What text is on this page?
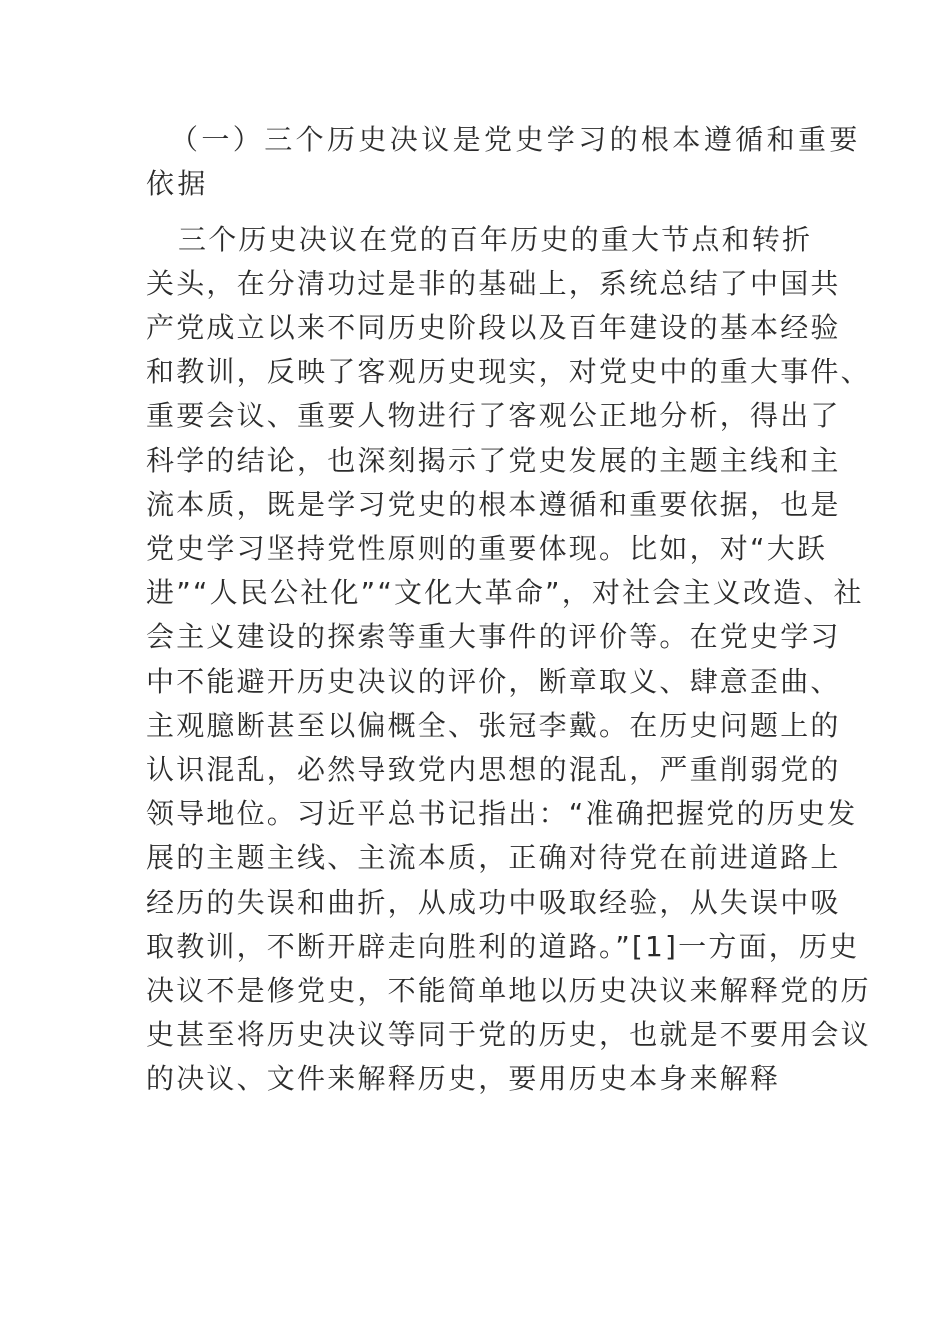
（一）三个历史决议是党史学习的根本遵循和重要
依据
三个历史决议在党的百年历史的重大节点和转折
关头，在分清功过是非的基础上，系统总结了中国共
产党成立以来不同历史阶段以及百年建设的基本经验
和教训，反映了客观历史现实，对党史中的重大事件、
重要会议、重要人物进行了客观公正地分析，得出了
科学的结论，也深刻揭示了党史发展的主题主线和主
流本质，既是学习党史的根本遵循和重要依据，也是
党史学习坚持党性原则的重要体现。比如，对“大跃
进”“人民公社化”“文化大革命”，对社会主义改造、社
会主义建设的探索等重大事件的评价等。在党史学习
中不能避开历史决议的评价，断章取义、肆意歪曲、
主观臆断甚至以偏概全、张冠李戴。在历史问题上的
认识混乱，必然导致党内思想的混乱，严重削弱党的
领导地位。习近平总书记指出：“准确把握党的历史发
展的主题主线、主流本质，正确对待党在前进道路上
经历的失误和曲折，从成功中吸取经验，从失误中吸
取教训，不断开辟走向胜利的道路。”[1]一方面，历史
决议不是修党史，不能简单地以历史决议来解释党的历
史甚至将历史决议等同于党的历史，也就是不要用会议
的决议、文件来解释历史，要用历史本身来解释
